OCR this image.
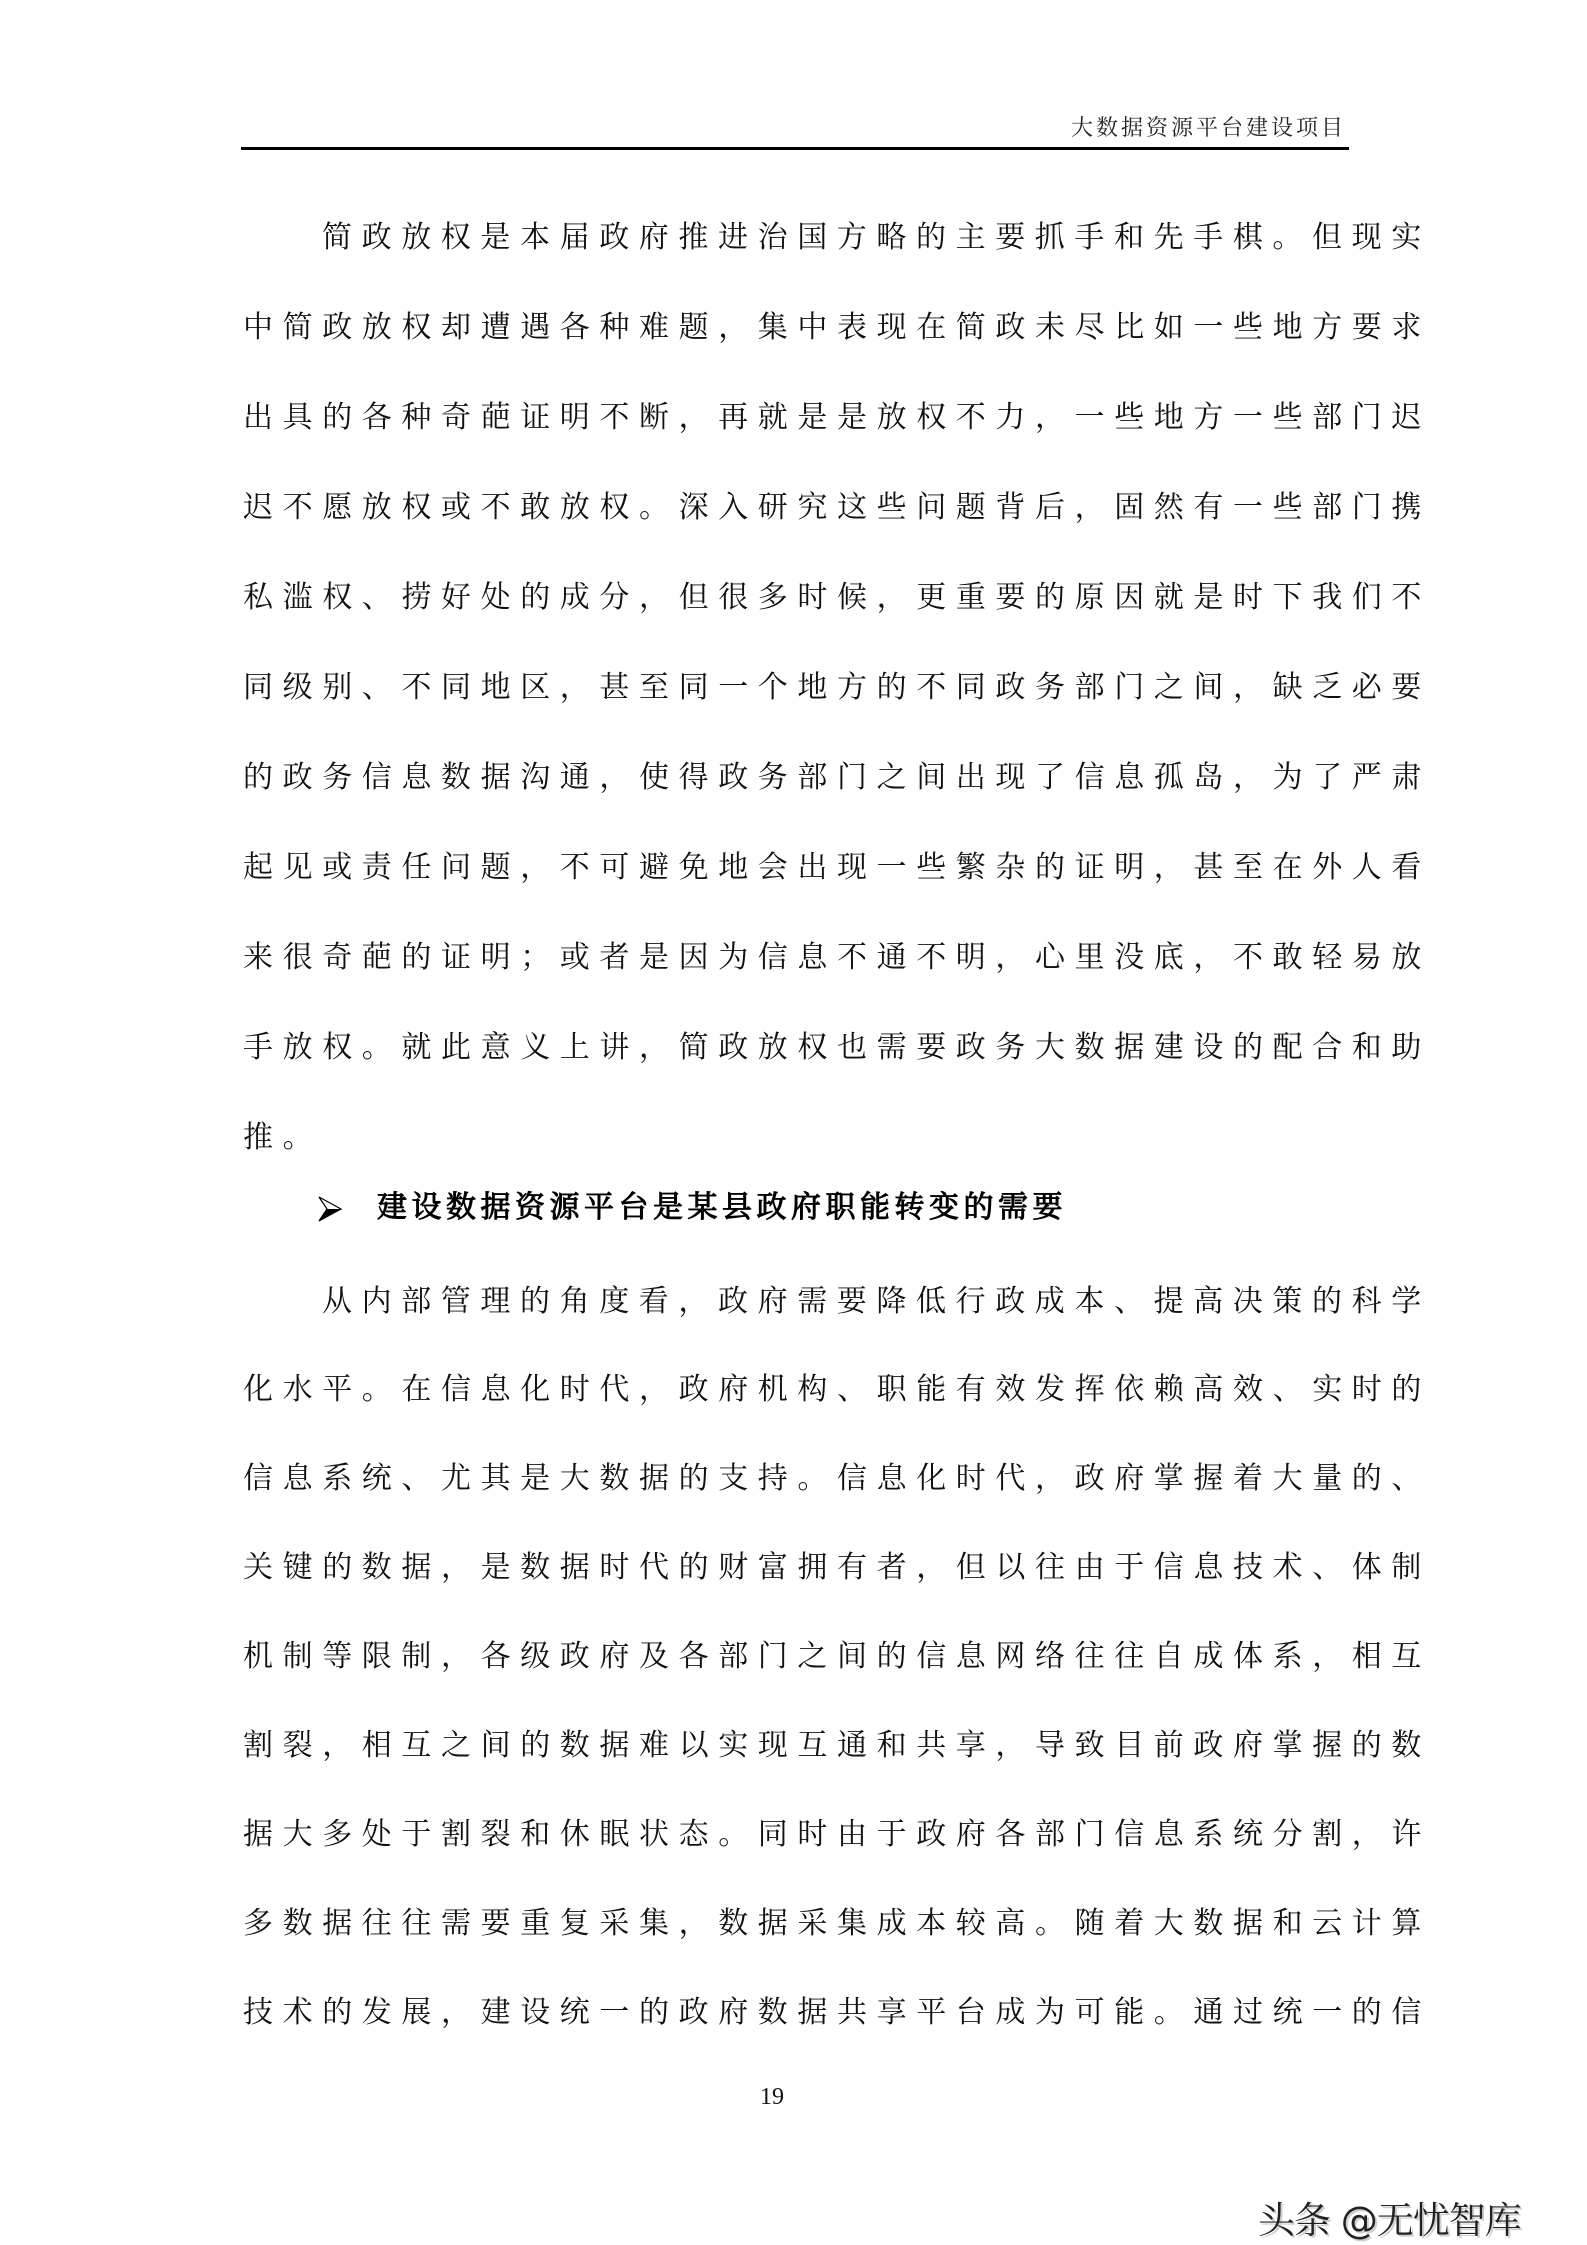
大数据资源平台建设项目
简政放权是本届政府推进治国方略的主要抓手和先手棋。但现实
中简政放权却遭遇各种难题，集中表现在简政未尽比如一些地方要求
出具的各种奇葩证明不断，再就是是放权不力，一些地方一些部门迟
迟不愿放权或不敢放权。深入研究这些问题背后，固然有一些部门携
私滥权、捞好处的成分，但很多时候，更重要的原因就是时下我们不
同级别、不同地区，甚至同一个地方的不同政务部门之间，缺乏必要
的政务信息数据沟通，使得政务部门之间出现了信息孤岛，为了严肃
起见或责任问题，不可避免地会出现一些繁杂的证明，甚至在外人看
来很奇葩的证明；或者是因为信息不通不明，心里没底，不敢轻易放
手放权。就此意义上讲，简政放权也需要政务大数据建设的配合和助
推。
建设数据资源平台是某县政府职能转变的需要
从内部管理的角度看，政府需要降低行政成本、提高决策的科学
化水平。在信息化时代，政府机构、职能有效发挥依赖高效、实时的
信息系统、尤其是大数据的支持。信息化时代，政府掌握着大量的、
关键的数据，是数据时代的财富拥有者，但以往由于信息技术、体制
机制等限制，各级政府及各部门之间的信息网络往往自成体系，相互
割裂，相互之间的数据难以实现互通和共享，导致目前政府掌握的数
据大多处于割裂和休眠状态。同时由于政府各部门信息系统分割，许
多数据往往需要重复采集，数据采集成本较高。随着大数据和云计算
技术的发展，建设统一的政府数据共享平台成为可能。通过统一的信
19
头条 @无忧智库
